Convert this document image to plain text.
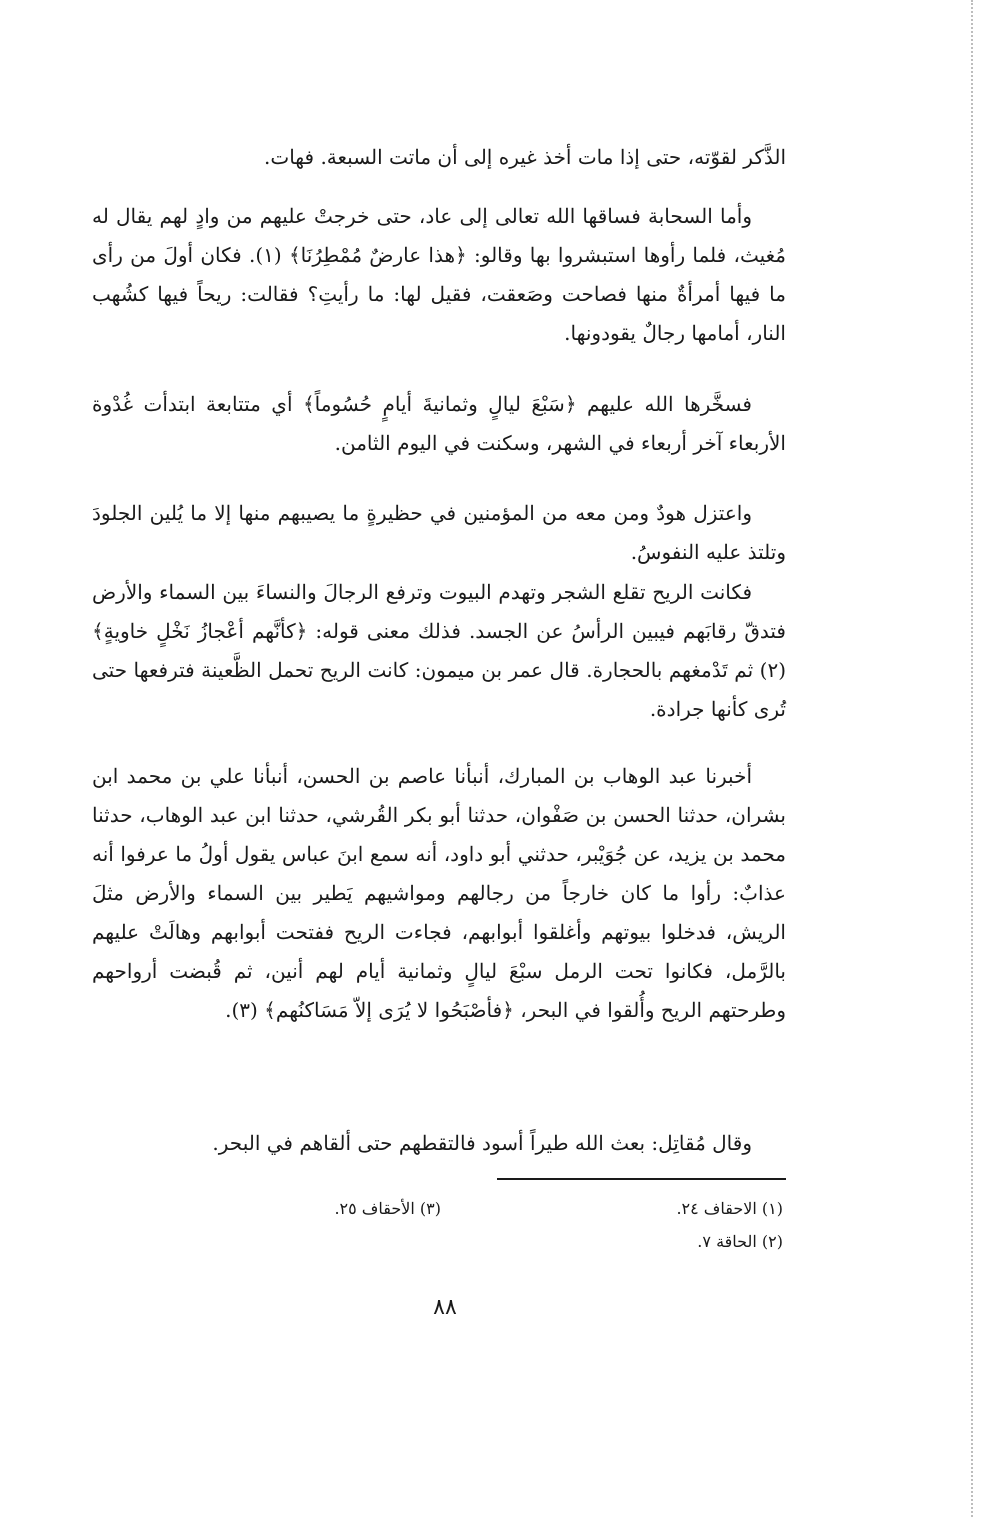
الذَّكر لقوّته، حتى إذا مات أخذ غيره إلى أن ماتت السبعة. فهات.

وأما السحابة فساقها الله تعالى إلى عاد، حتى خرجتْ عليهم من وادٍ لهم يقال له مُغيث، فلما رأوها استبشروا بها وقالو: ﴿هذا عارضٌ مُمْطِرُنَا﴾ (١). فكان أولَ من رأى ما فيها أمرأةٌ منها فصاحت وصَعقت، فقيل لها: ما رأيتِ؟ فقالت: ريحاً فيها كشُهب النار، أمامها رجالٌ يقودونها.

فسخَّرها الله عليهم ﴿سَبْعَ ليالٍ وثمانيةَ أيامٍ حُسُوماً﴾ أي متتابعة ابتدأت غُدْوة الأربعاء آخر أربعاء في الشهر، وسكنت في اليوم الثامن.

واعتزل هودٌ ومن معه من المؤمنين في حظيرةٍ ما يصيبهم منها إلا ما يُلين الجلودَ وتلتذ عليه النفوسُ.

فكانت الريح تقلع الشجر وتهدم البيوت وترفع الرجالَ والنساءَ بين السماء والأرض فتدقّ رقابَهم فيبين الرأسُ عن الجسد. فذلك معنى قوله: ﴿كأنَّهم أعْجازُ نَخْلٍ خاويةٍ﴾ (٢) ثم تَدْمغهم بالحجارة. قال عمر بن ميمون: كانت الريح تحمل الظَّعينة فترفعها حتى تُرى كأنها جرادة.

أخبرنا عبد الوهاب بن المبارك، أنبأنا عاصم بن الحسن، أنبأنا علي بن محمد ابن بشران، حدثنا الحسن بن صَفْوان، حدثنا أبو بكر القُرشي، حدثنا ابن عبد الوهاب، حدثنا محمد بن يزيد، عن جُوَيْبر، حدثني أبو داود، أنه سمع ابنَ عباس يقول أولُ ما عرفوا أنه عذابٌ: رأوا ما كان خارجاً من رجالهم ومواشيهم يَطير بين السماء والأرض مثلَ الريش، فدخلوا بيوتهم وأغلقوا أبوابهم، فجاءت الريح ففتحت أبوابهم وهالَتْ عليهم بالرَّمل، فكانوا تحت الرمل سبْعَ ليالٍ وثمانية أيام لهم أنين، ثم قُبضت أرواحهم وطرحتهم الريح وأُلقوا في البحر، ﴿فأصْبَحُوا لا يُرَى إلاّ مَسَاكنُهم﴾ (٣).

وقال مُقاتِل: بعث الله طيراً أسود فالتقطهم حتى ألقاهم في البحر.

(١) الاحقاف ٢٤.
(٢) الحاقة ٧.
(٣) الأحقاف ٢٥.
٨٨
